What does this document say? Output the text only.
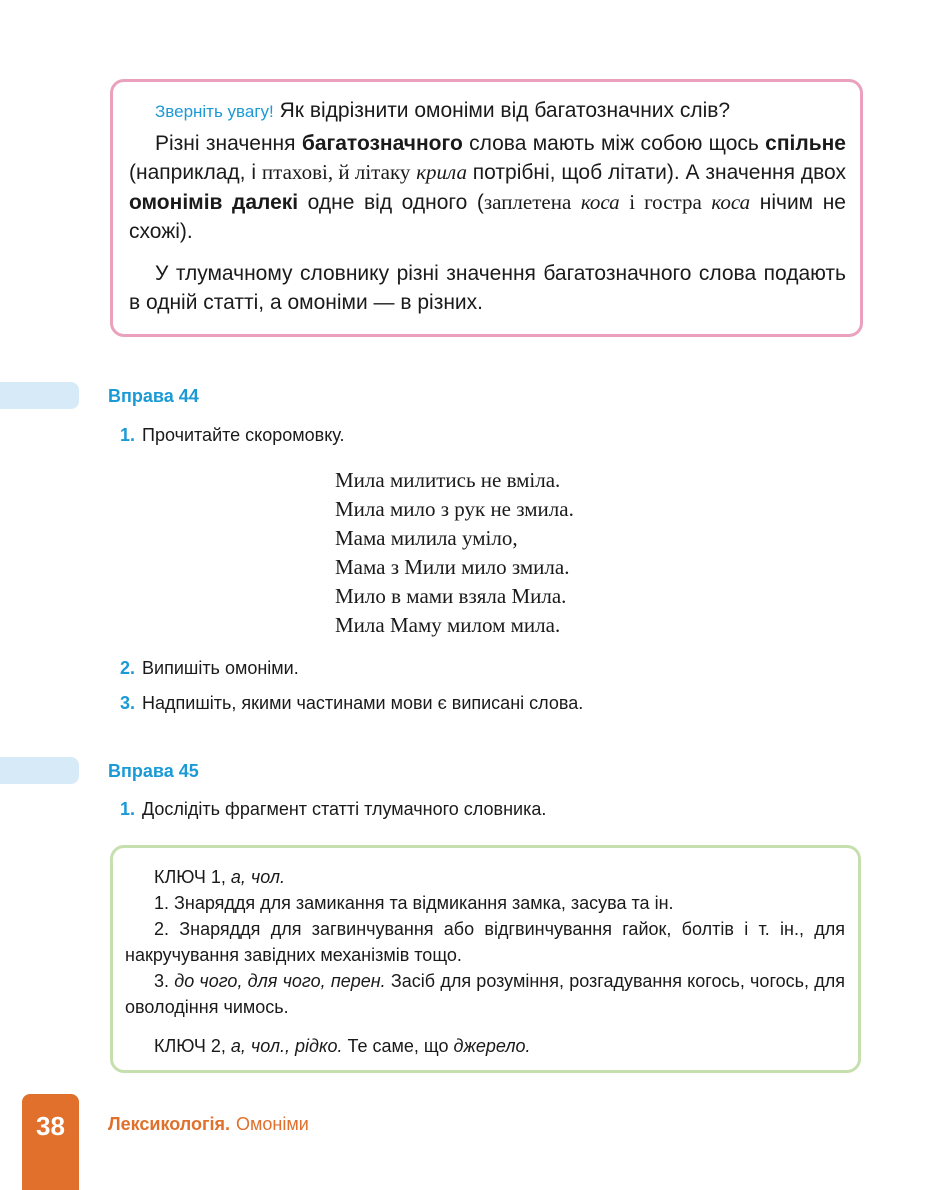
Зверніть увагу! Як відрізнити омоніми від багатозначних слів?

Різні значення багатозначного слова мають між собою щось спільне (наприклад, і птахові, й літаку крила потрібні, щоб літати). А значення двох омонімів далекі одне від одного (заплетена коса і гостра коса нічим не схожі).

У тлумачному словнику різні значення багатозначного слова подають в одній статті, а омоніми — в різних.

Вправа 44
1. Прочитайте скоромовку.
Мила милитись не вміла.
Мила мило з рук не змила.
Мама милила уміло,
Мама з Мили мило змила.
Мило в мами взяла Мила.
Мила Маму милом мила.
2. Випишіть омоніми.
3. Надпишіть, якими частинами мови є виписані слова.
Вправа 45
1. Дослідіть фрагмент статті тлумачного словника.

КЛЮЧ 1, а, чол.

1. Знаряддя для замикання та відмикання замка, засува та ін.

2. Знаряддя для загвинчування або відгвинчування гайок, болтів і т. ін., для накручування завідних механізмів тощо.

3. до чого, для чого, перен. Засіб для розуміння, розгадування когось, чогось, для оволодіння чимось.

КЛЮЧ 2, а, чол., рідко. Те саме, що джерело.

38	Лексикологія. Омоніми
